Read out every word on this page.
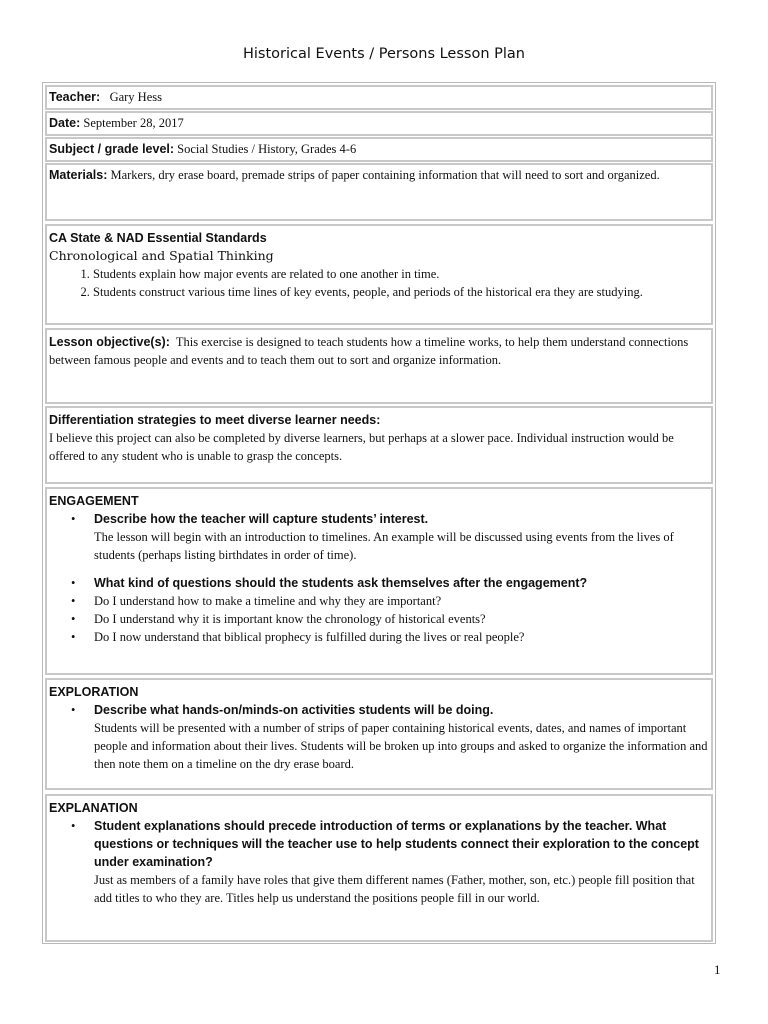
Historical Events / Persons Lesson Plan
Teacher: Gary Hess
Date: September 28, 2017
Subject / grade level: Social Studies / History, Grades 4-6
Materials: Markers, dry erase board, premade strips of paper containing information that will need to sort and organized.
CA State & NAD Essential Standards
Chronological and Spatial Thinking
1. Students explain how major events are related to one another in time.
2. Students construct various time lines of key events, people, and periods of the historical era they are studying.
Lesson objective(s): This exercise is designed to teach students how a timeline works, to help them understand connections between famous people and events and to teach them out to sort and organize information.
Differentiation strategies to meet diverse learner needs:
I believe this project can also be completed by diverse learners, but perhaps at a slower pace. Individual instruction would be offered to any student who is unable to grasp the concepts.
ENGAGEMENT
• Describe how the teacher will capture students’ interest.
The lesson will begin with an introduction to timelines. An example will be discussed using events from the lives of students (perhaps listing birthdates in order of time).
• What kind of questions should the students ask themselves after the engagement?
• Do I understand how to make a timeline and why they are important?
• Do I understand why it is important know the chronology of historical events?
• Do I now understand that biblical prophecy is fulfilled during the lives or real people?
EXPLORATION
• Describe what hands-on/minds-on activities students will be doing.
Students will be presented with a number of strips of paper containing historical events, dates, and names of important people and information about their lives. Students will be broken up into groups and asked to organize the information and then note them on a timeline on the dry erase board.
EXPLANATION
• Student explanations should precede introduction of terms or explanations by the teacher. What questions or techniques will the teacher use to help students connect their exploration to the concept under examination?
Just as members of a family have roles that give them different names (Father, mother, son, etc.) people fill position that add titles to who they are. Titles help us understand the positions people fill in our world.
1
